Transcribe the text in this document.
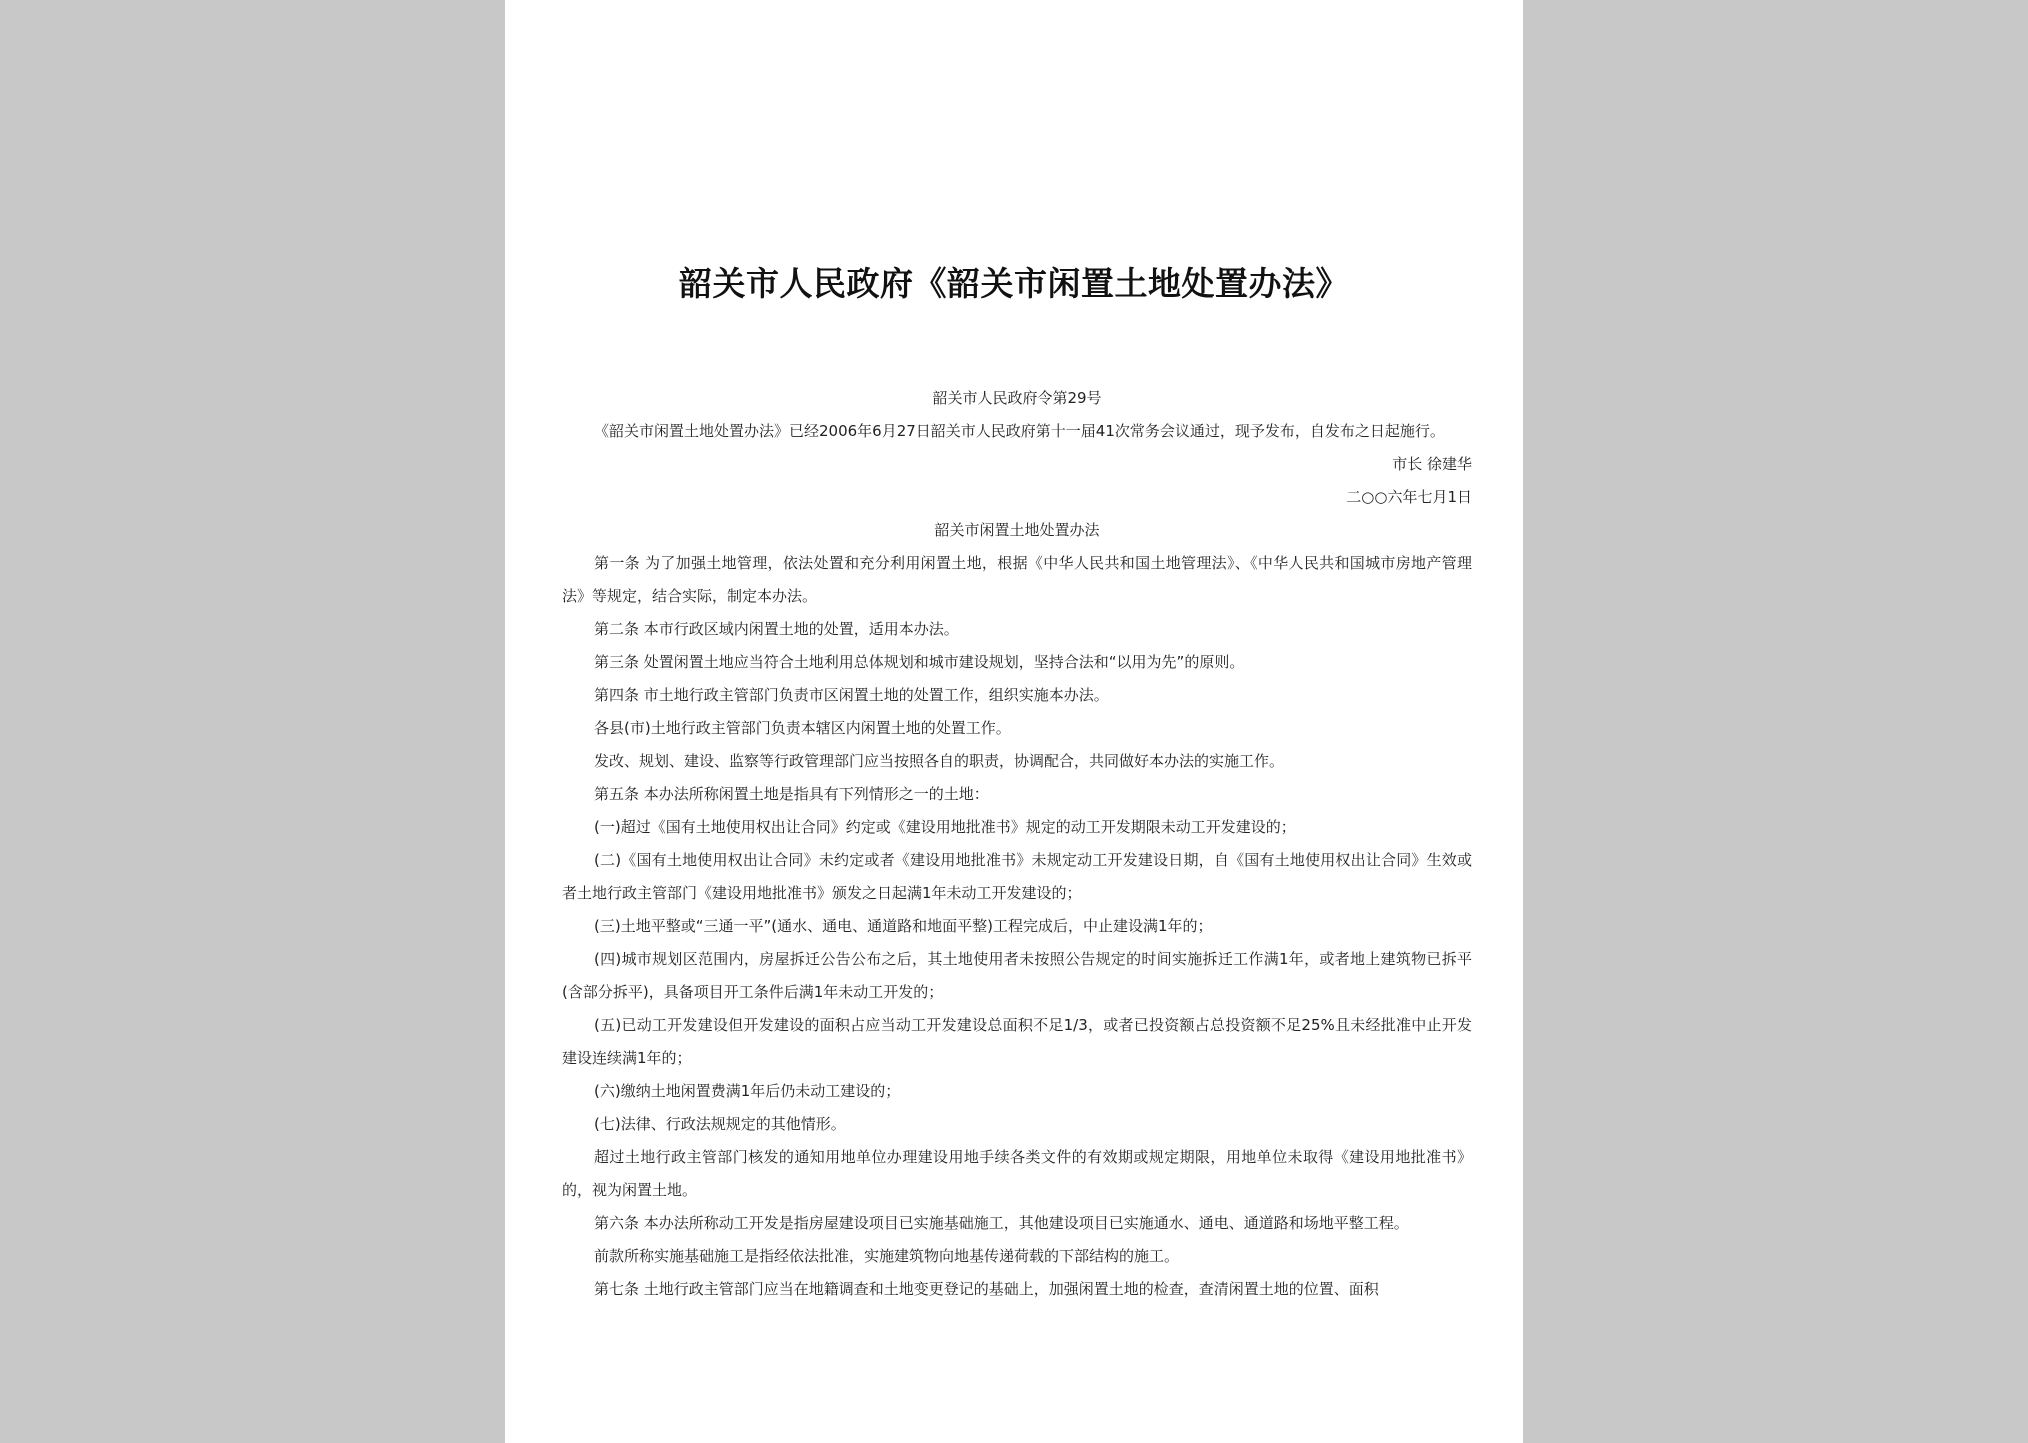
韶关市人民政府《韶关市闲置土地处置办法》
韶关市人民政府令第29号
《韶关市闲置土地处置办法》已经2006年6月27日韶关市人民政府第十一届41次常务会议通过，现予发布，自发布之日起施行。
市长 徐建华
二○○六年七月1日
韶关市闲置土地处置办法
第一条 为了加强土地管理，依法处置和充分利用闲置土地，根据《中华人民共和国土地管理法》、《中华人民共和国城市房地产管理法》等规定，结合实际，制定本办法。
第二条 本市行政区域内闲置土地的处置，适用本办法。
第三条 处置闲置土地应当符合土地利用总体规划和城市建设规划，坚持合法和“以用为先”的原则。
第四条 市土地行政主管部门负责市区闲置土地的处置工作，组织实施本办法。
各县(市)土地行政主管部门负责本辖区内闲置土地的处置工作。
发改、规划、建设、监察等行政管理部门应当按照各自的职责，协调配合，共同做好本办法的实施工作。
第五条 本办法所称闲置土地是指具有下列情形之一的土地：
(一)超过《国有土地使用权出让合同》约定或《建设用地批准书》规定的动工开发期限未动工开发建设的；
(二)《国有土地使用权出让合同》未约定或者《建设用地批准书》未规定动工开发建设日期，自《国有土地使用权出让合同》生效或者土地行政主管部门《建设用地批准书》颁发之日起满1年未动工开发建设的；
(三)土地平整或“三通一平”(通水、通电、通道路和地面平整)工程完成后，中止建设满1年的；
(四)城市规划区范围内，房屋拆迁公告公布之后，其土地使用者未按照公告规定的时间实施拆迁工作满1年，或者地上建筑物已拆平(含部分拆平)，具备项目开工条件后满1年未动工开发的；
(五)已动工开发建设但开发建设的面积占应当动工开发建设总面积不足1/3，或者已投资额占总投资额不足25%且未经批准中止开发建设连续满1年的；
(六)缴纳土地闲置费满1年后仍未动工建设的；
(七)法律、行政法规规定的其他情形。
超过土地行政主管部门核发的通知用地单位办理建设用地手续各类文件的有效期或规定期限，用地单位未取得《建设用地批准书》的，视为闲置土地。
第六条 本办法所称动工开发是指房屋建设项目已实施基础施工，其他建设项目已实施通水、通电、通道路和场地平整工程。
前款所称实施基础施工是指经依法批准，实施建筑物向地基传递荷载的下部结构的施工。
第七条 土地行政主管部门应当在地籍调查和土地变更登记的基础上，加强闲置土地的检查，查清闲置土地的位置、面积
